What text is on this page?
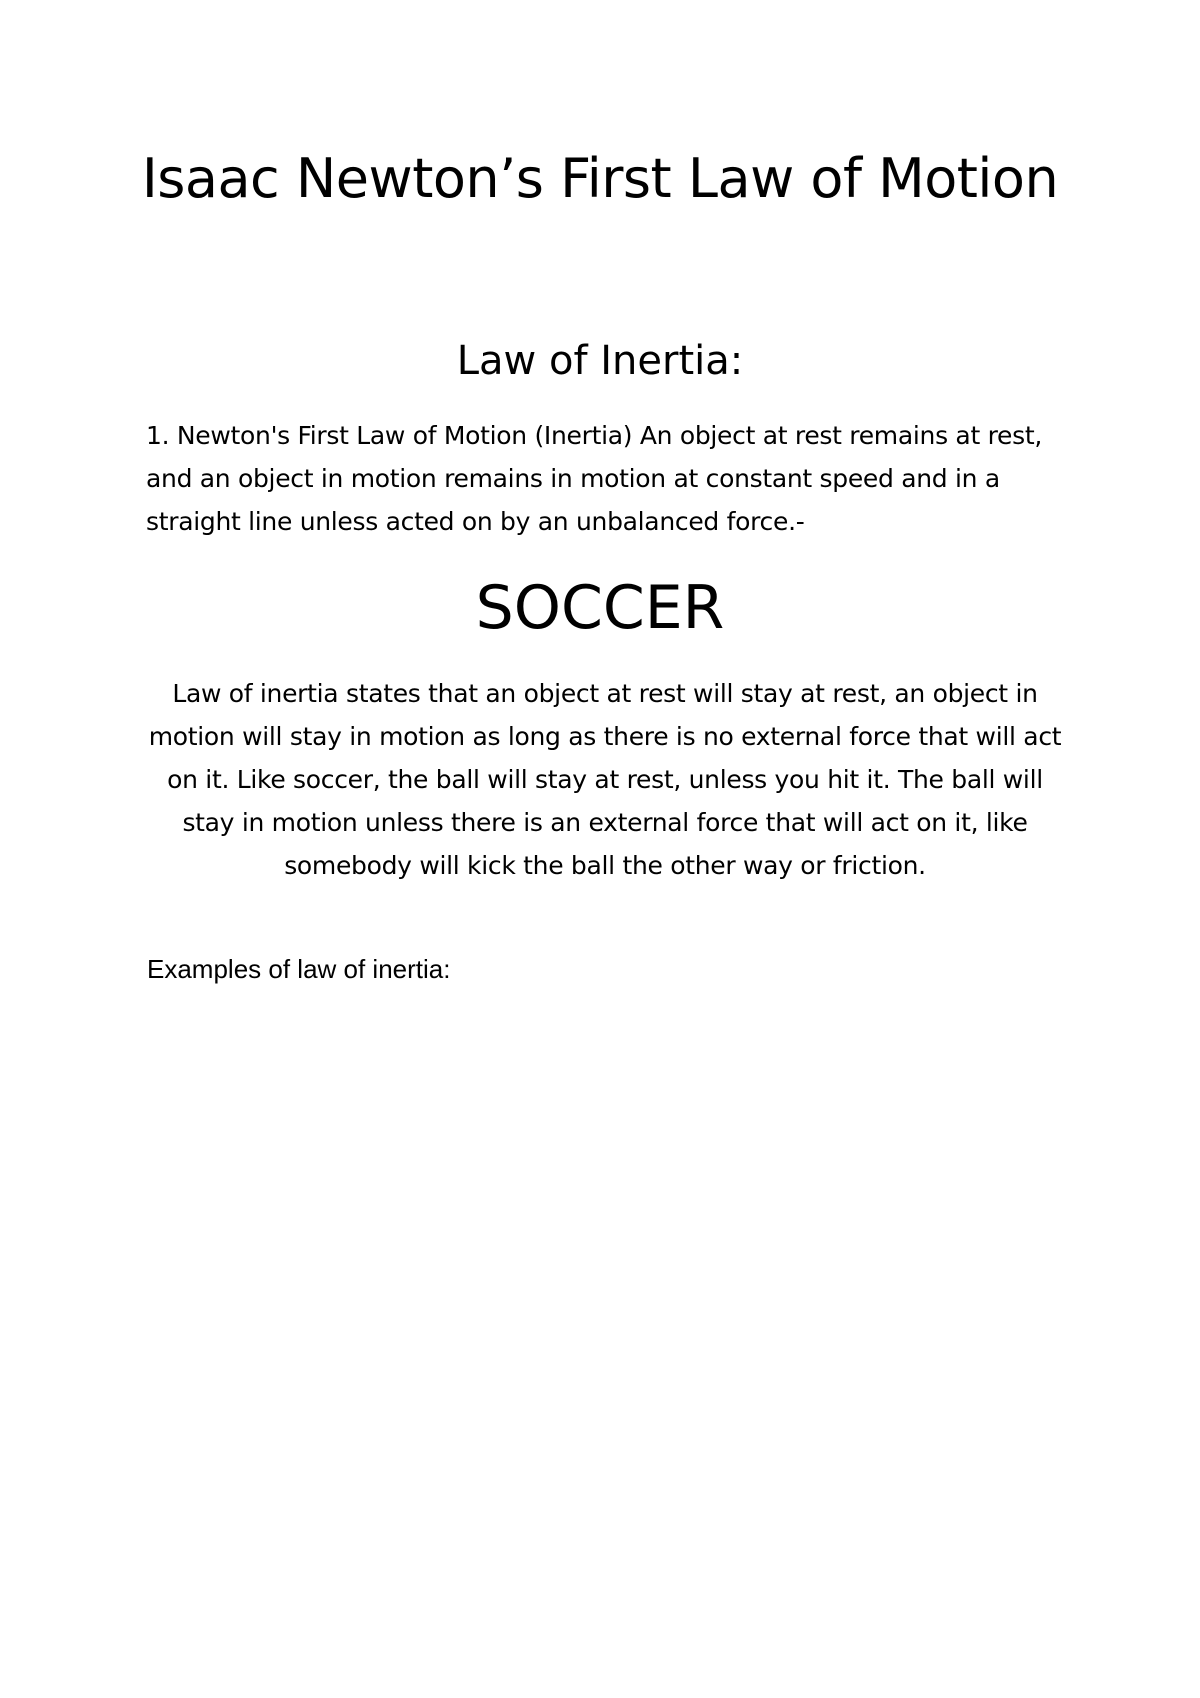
Isaac Newton’s First Law of Motion
Law of Inertia:

1. Newton's First Law of Motion (Inertia) An object at rest remains at rest, and an object in motion remains in motion at constant speed and in a straight line unless acted on by an unbalanced force.-

SOCCER

Law of inertia states that an object at rest will stay at rest, an object in motion will stay in motion as long as there is no external force that will act on it. Like soccer, the ball will stay at rest, unless you hit it. The ball will stay in motion unless there is an external force that will act on it, like somebody will kick the ball the other way or friction.

Examples of law of inertia:
